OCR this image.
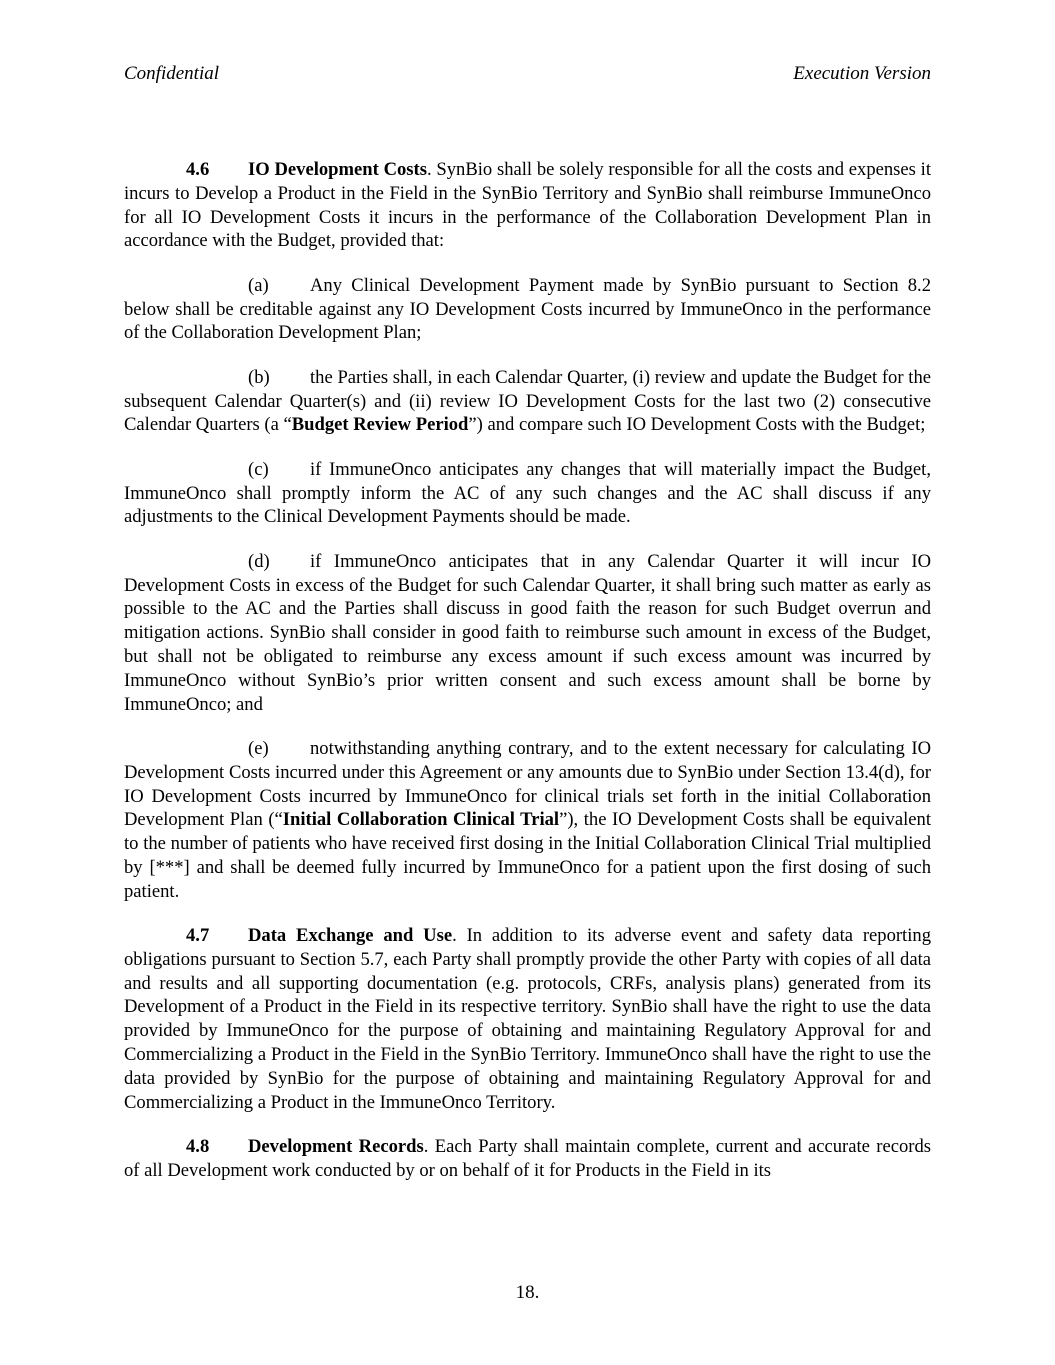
Confidential	Execution Version

4.6 IO Development Costs. SynBio shall be solely responsible for all the costs and expenses it incurs to Develop a Product in the Field in the SynBio Territory and SynBio shall reimburse ImmuneOnco for all IO Development Costs it incurs in the performance of the Collaboration Development Plan in accordance with the Budget, provided that:

(a) Any Clinical Development Payment made by SynBio pursuant to Section 8.2 below shall be creditable against any IO Development Costs incurred by ImmuneOnco in the performance of the Collaboration Development Plan;

(b) the Parties shall, in each Calendar Quarter, (i) review and update the Budget for the subsequent Calendar Quarter(s) and (ii) review IO Development Costs for the last two (2) consecutive Calendar Quarters (a “Budget Review Period”) and compare such IO Development Costs with the Budget;

(c) if ImmuneOnco anticipates any changes that will materially impact the Budget, ImmuneOnco shall promptly inform the AC of any such changes and the AC shall discuss if any adjustments to the Clinical Development Payments should be made.

(d) if ImmuneOnco anticipates that in any Calendar Quarter it will incur IO Development Costs in excess of the Budget for such Calendar Quarter, it shall bring such matter as early as possible to the AC and the Parties shall discuss in good faith the reason for such Budget overrun and mitigation actions. SynBio shall consider in good faith to reimburse such amount in excess of the Budget, but shall not be obligated to reimburse any excess amount if such excess amount was incurred by ImmuneOnco without SynBio’s prior written consent and such excess amount shall be borne by ImmuneOnco; and

(e) notwithstanding anything contrary, and to the extent necessary for calculating IO Development Costs incurred under this Agreement or any amounts due to SynBio under Section 13.4(d), for IO Development Costs incurred by ImmuneOnco for clinical trials set forth in the initial Collaboration Development Plan (“Initial Collaboration Clinical Trial”), the IO Development Costs shall be equivalent to the number of patients who have received first dosing in the Initial Collaboration Clinical Trial multiplied by [***] and shall be deemed fully incurred by ImmuneOnco for a patient upon the first dosing of such patient.

4.7 Data Exchange and Use. In addition to its adverse event and safety data reporting obligations pursuant to Section 5.7, each Party shall promptly provide the other Party with copies of all data and results and all supporting documentation (e.g. protocols, CRFs, analysis plans) generated from its Development of a Product in the Field in its respective territory. SynBio shall have the right to use the data provided by ImmuneOnco for the purpose of obtaining and maintaining Regulatory Approval for and Commercializing a Product in the Field in the SynBio Territory. ImmuneOnco shall have the right to use the data provided by SynBio for the purpose of obtaining and maintaining Regulatory Approval for and Commercializing a Product in the ImmuneOnco Territory.

4.8 Development Records. Each Party shall maintain complete, current and accurate records of all Development work conducted by or on behalf of it for Products in the Field in its

18.
